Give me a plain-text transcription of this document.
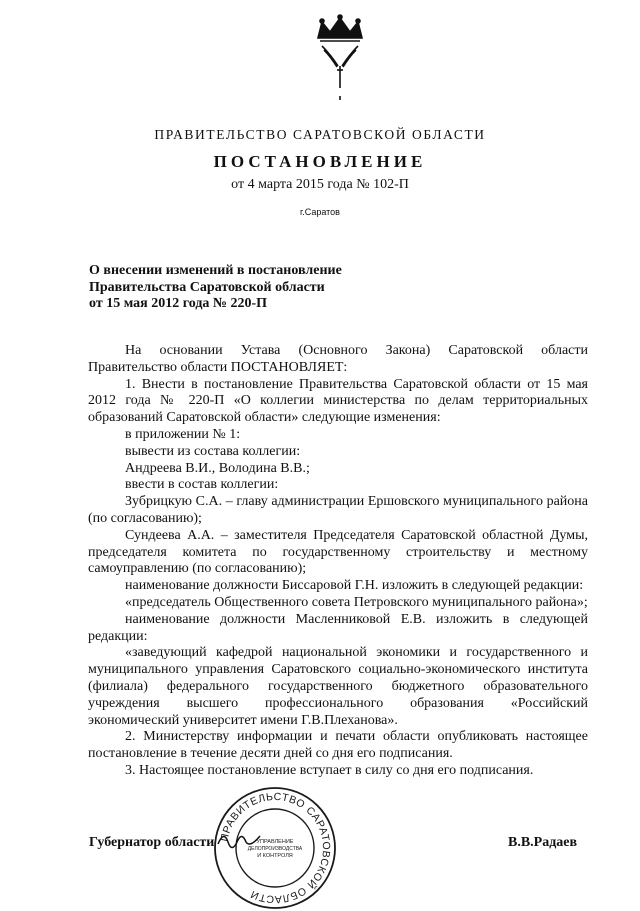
ПРАВИТЕЛЬСТВО САРАТОВСКОЙ ОБЛАСТИ
ПОСТАНОВЛЕНИЕ
от 4 марта 2015 года № 102-П
г.Саратов
О внесении изменений в постановление
Правительства Саратовской области
от 15 мая 2012 года № 220-П

На основании Устава (Основного Закона) Саратовской области Правительство области ПОСТАНОВЛЯЕТ:

1. Внести в постановление Правительства Саратовской области от 15 мая 2012 года № 220-П «О коллегии министерства по делам территориальных образований Саратовской области» следующие изменения:

в приложении № 1:

вывести из состава коллегии:

Андреева В.И., Володина В.В.;

ввести в состав коллегии:

Зубрицкую С.А. – главу администрации Ершовского муниципального района (по согласованию);

Сундеева А.А. – заместителя Председателя Саратовской областной Думы, председателя комитета по государственному строительству и местному самоуправлению (по согласованию);

наименование должности Биссаровой Г.Н. изложить в следующей редакции:

«председатель Общественного совета Петровского муниципального района»;

наименование должности Масленниковой Е.В. изложить в следующей редакции:

«заведующий кафедрой национальной экономики и государственного и муниципального управления Саратовского социально-экономического института (филиала) федерального государственного бюджетного образовательного учреждения высшего профессионального образования «Российский экономический университет имени Г.В.Плеханова».

2. Министерству информации и печати области опубликовать настоящее постановление в течение десяти дней со дня его подписания.

3. Настоящее постановление вступает в силу со дня его подписания.

ПРАВИТЕЛЬСТВО САРАТОВСКОЙ ОБЛАСТИ
УПРАВЛЕНИЕ
ДЕЛОПРОИЗВОДСТВА
И КОНТРОЛЯ
Губернатор области	В.В.Радаев
